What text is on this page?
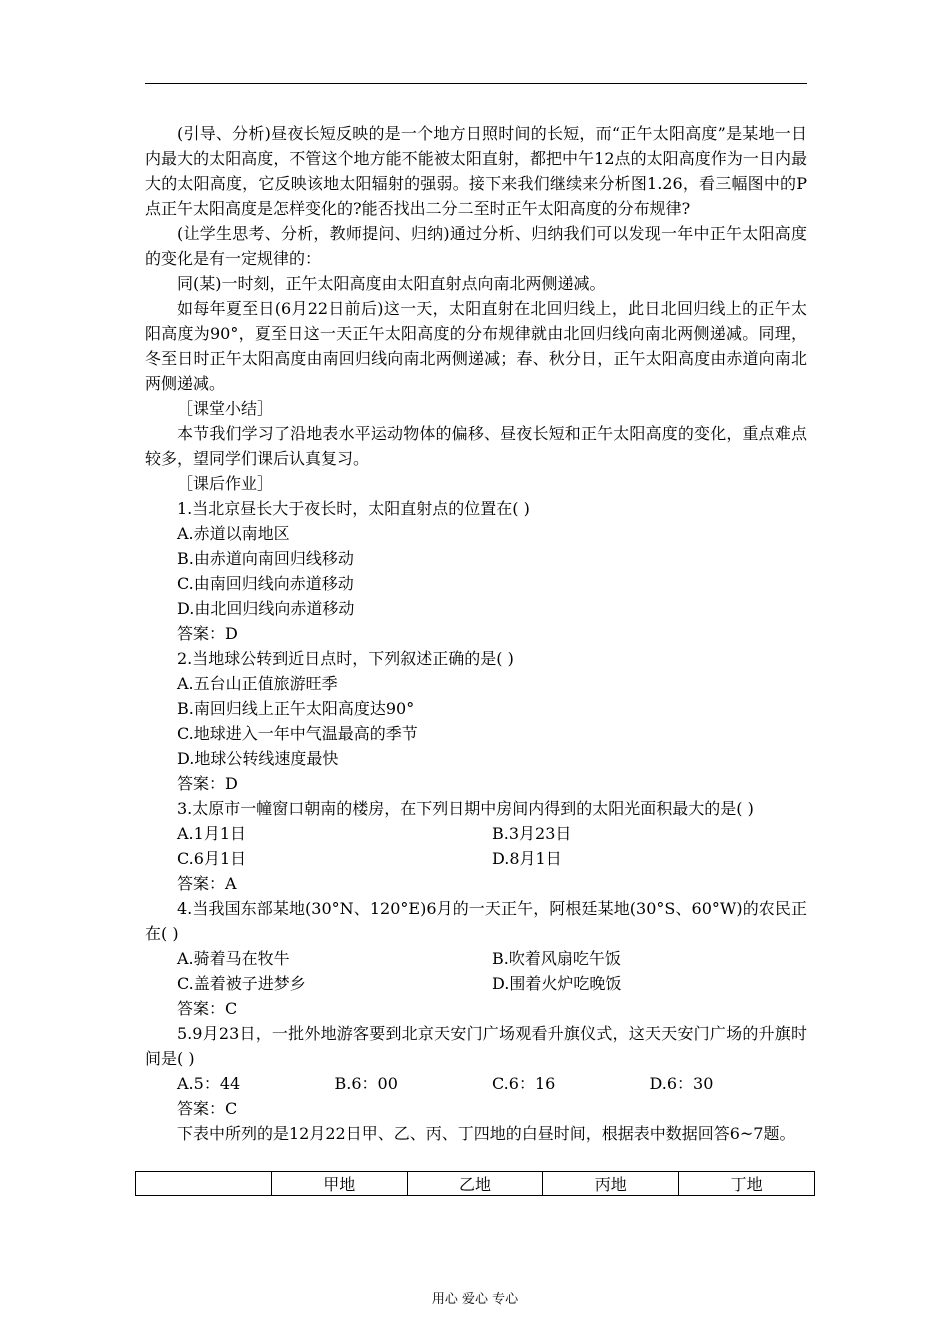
(引导、分析)昼夜长短反映的是一个地方日照时间的长短，而“正午太阳高度”是某地一日内最大的太阳高度，不管这个地方能不能被太阳直射，都把中午12点的太阳高度作为一日内最大的太阳高度，它反映该地太阳辐射的强弱。接下来我们继续来分析图1.26，看三幅图中的P点正午太阳高度是怎样变化的?能否找出二分二至时正午太阳高度的分布规律?

(让学生思考、分析，教师提问、归纳)通过分析、归纳我们可以发现一年中正午太阳高度的变化是有一定规律的：

同(某)一时刻，正午太阳高度由太阳直射点向南北两侧递减。

如每年夏至日(6月22日前后)这一天，太阳直射在北回归线上，此日北回归线上的正午太阳高度为90°，夏至日这一天正午太阳高度的分布规律就由北回归线向南北两侧递减。同理，冬至日时正午太阳高度由南回归线向南北两侧递减；春、秋分日，正午太阳高度由赤道向南北两侧递减。

［课堂小结］

本节我们学习了沿地表水平运动物体的偏移、昼夜长短和正午太阳高度的变化，重点难点较多，望同学们课后认真复习。

［课后作业］

1.当北京昼长大于夜长时，太阳直射点的位置在( )

A.赤道以南地区

B.由赤道向南回归线移动

C.由南回归线向赤道移动

D.由北回归线向赤道移动

答案：D

2.当地球公转到近日点时，下列叙述正确的是( )

A.五台山正值旅游旺季

B.南回归线上正午太阳高度达90°

C.地球进入一年中气温最高的季节

D.地球公转线速度最快

答案：D

3.太原市一幢窗口朝南的楼房，在下列日期中房间内得到的太阳光面积最大的是( )

A.1月1日	B.3月23日
C.6月1日	D.8月1日

答案：A

4.当我国东部某地(30°N、120°E)6月的一天正午，阿根廷某地(30°S、60°W)的农民正在( )

A.骑着马在牧牛	B.吹着风扇吃午饭
C.盖着被子进梦乡	D.围着火炉吃晚饭

答案：C

5.9月23日，一批外地游客要到北京天安门广场观看升旗仪式，这天天安门广场的升旗时间是( )

A.5：44	B.6：00	C.6：16	D.6：30

答案：C

下表中所列的是12月22日甲、乙、丙、丁四地的白昼时间，根据表中数据回答6~7题。

	甲地	乙地	丙地	丁地
用心 爱心 专心
